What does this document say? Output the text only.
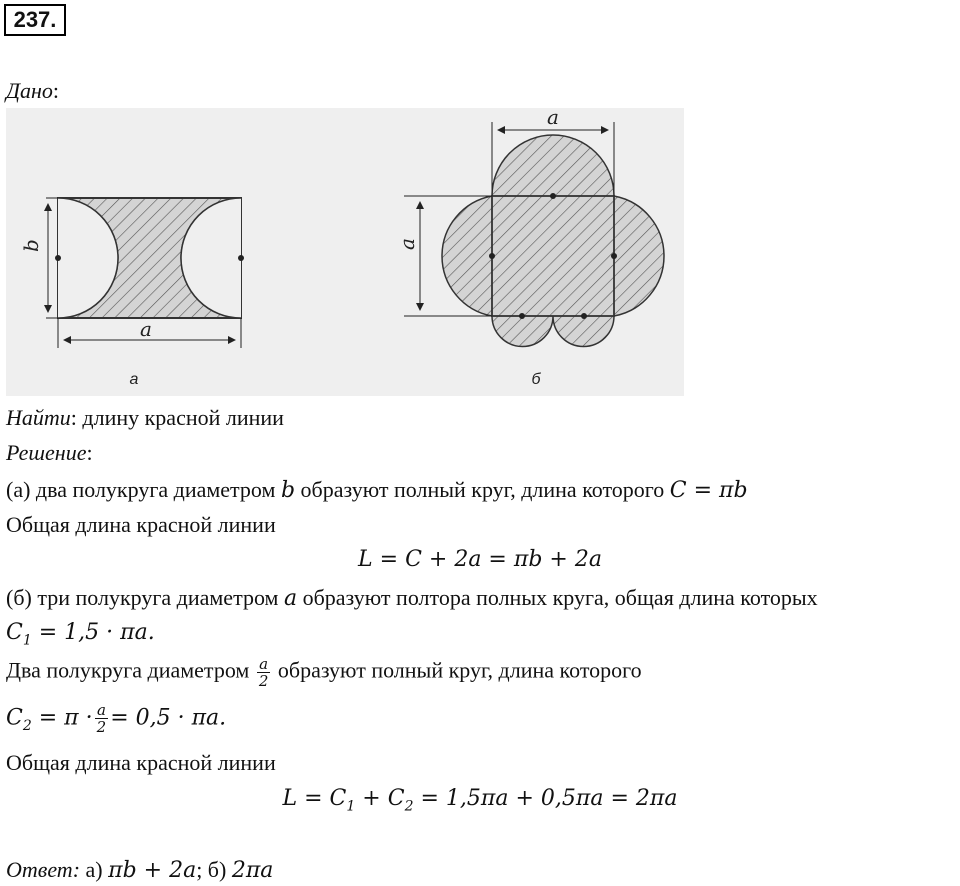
237.
Дано:
b
a
а
a
a
б
Найти: длину красной линии
Решение:
(а) два полукруга диаметром b образуют полный круг, длина которого C = πb
Общая длина красной линии
L = C + 2a = πb + 2a
(б) три полукруга диаметром a образуют полтора полных круга, общая длина которых
$C_1 = 1,5 \cdot \pi a$.
Два полукруга диаметром $\frac{a}{2}$ образуют полный круг, длина которого
$C_2 = \pi \cdot \frac{a}{2} = 0,5 \cdot \pi a$.
Общая длина красной линии
$L = C_1 + C_2 = 1,5\pi a + 0,5\pi a = 2\pi a$
Ответ: а) πb + 2a; б) 2πa
